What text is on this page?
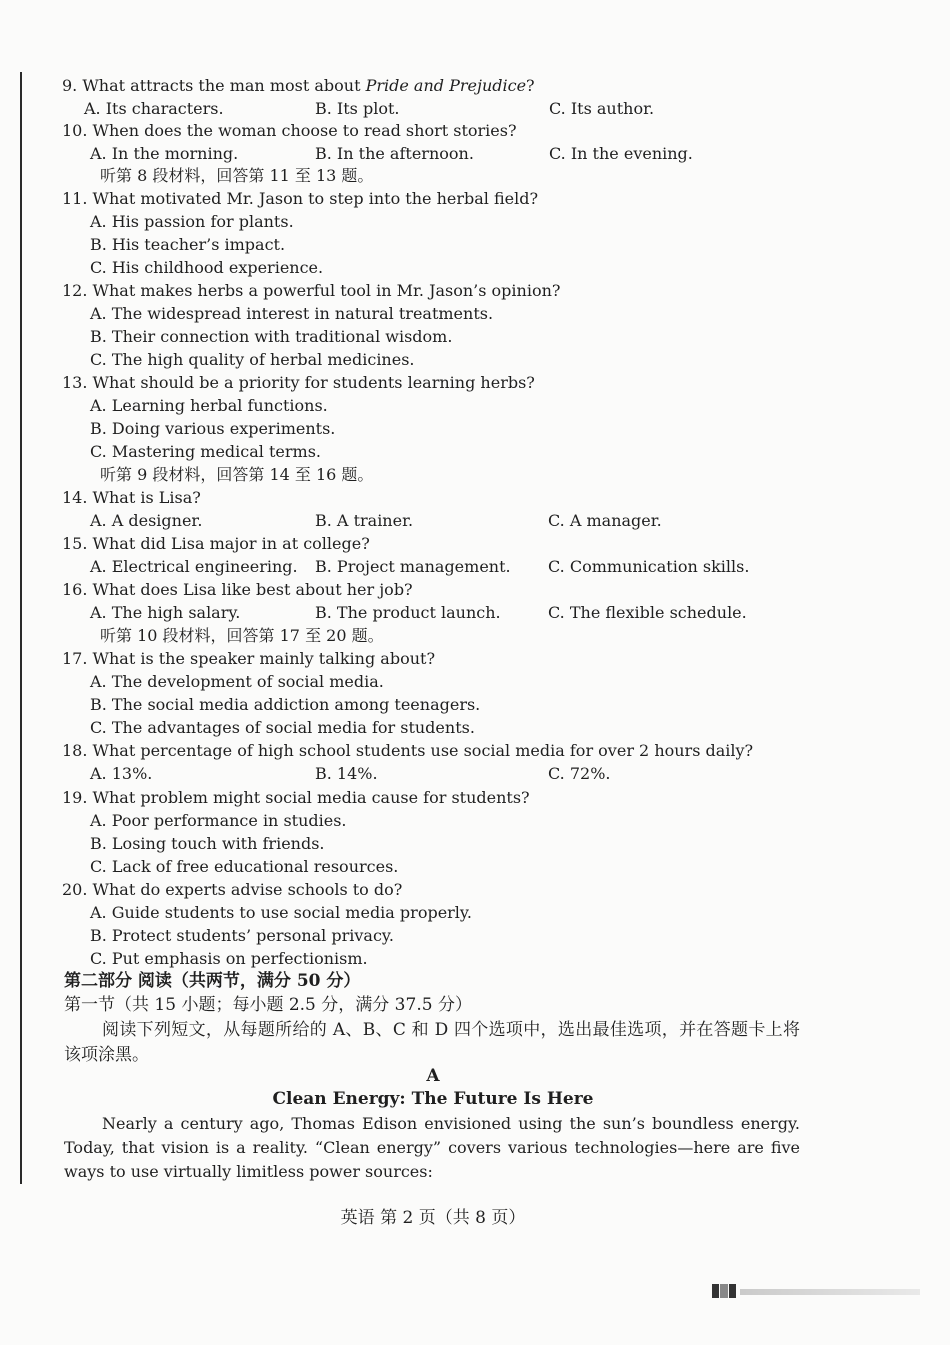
9. What attracts the man most about Pride and Prejudice?
A. Its characters.	B. Its plot.	C. Its author.
10. When does the woman choose to read short stories?
A. In the morning.	B. In the afternoon.	C. In the evening.
听第 8 段材料，回答第 11 至 13 题。
11. What motivated Mr. Jason to step into the herbal field?
A. His passion for plants.
B. His teacher’s impact.
C. His childhood experience.
12. What makes herbs a powerful tool in Mr. Jason’s opinion?
A. The widespread interest in natural treatments.
B. Their connection with traditional wisdom.
C. The high quality of herbal medicines.
13. What should be a priority for students learning herbs?
A. Learning herbal functions.
B. Doing various experiments.
C. Mastering medical terms.
听第 9 段材料，回答第 14 至 16 题。
14. What is Lisa?
A. A designer.	B. A trainer.	C. A manager.
15. What did Lisa major in at college?
A. Electrical engineering. B. Project management. C. Communication skills.
16. What does Lisa like best about her job?
A. The high salary.	B. The product launch.	C. The flexible schedule.
听第 10 段材料，回答第 17 至 20 题。
17. What is the speaker mainly talking about?
A. The development of social media.
B. The social media addiction among teenagers.
C. The advantages of social media for students.
18. What percentage of high school students use social media for over 2 hours daily?
A. 13%.	B. 14%.	C. 72%.
19. What problem might social media cause for students?
A. Poor performance in studies.
B. Losing touch with friends.
C. Lack of free educational resources.
20. What do experts advise schools to do?
A. Guide students to use social media properly.
B. Protect students’ personal privacy.
C. Put emphasis on perfectionism.
第二部分 阅读（共两节，满分 50 分）
第一节（共 15 小题；每小题 2.5 分，满分 37.5 分）
阅读下列短文，从每题所给的 A、B、C 和 D 四个选项中，选出最佳选项，并在答题卡上将该项涂黑。
A
Clean Energy: The Future Is Here
Nearly a century ago, Thomas Edison envisioned using the sun’s boundless energy. Today, that vision is a reality. “Clean energy” covers various technologies—here are five ways to use virtually limitless power sources:
英语 第 2 页（共 8 页）
